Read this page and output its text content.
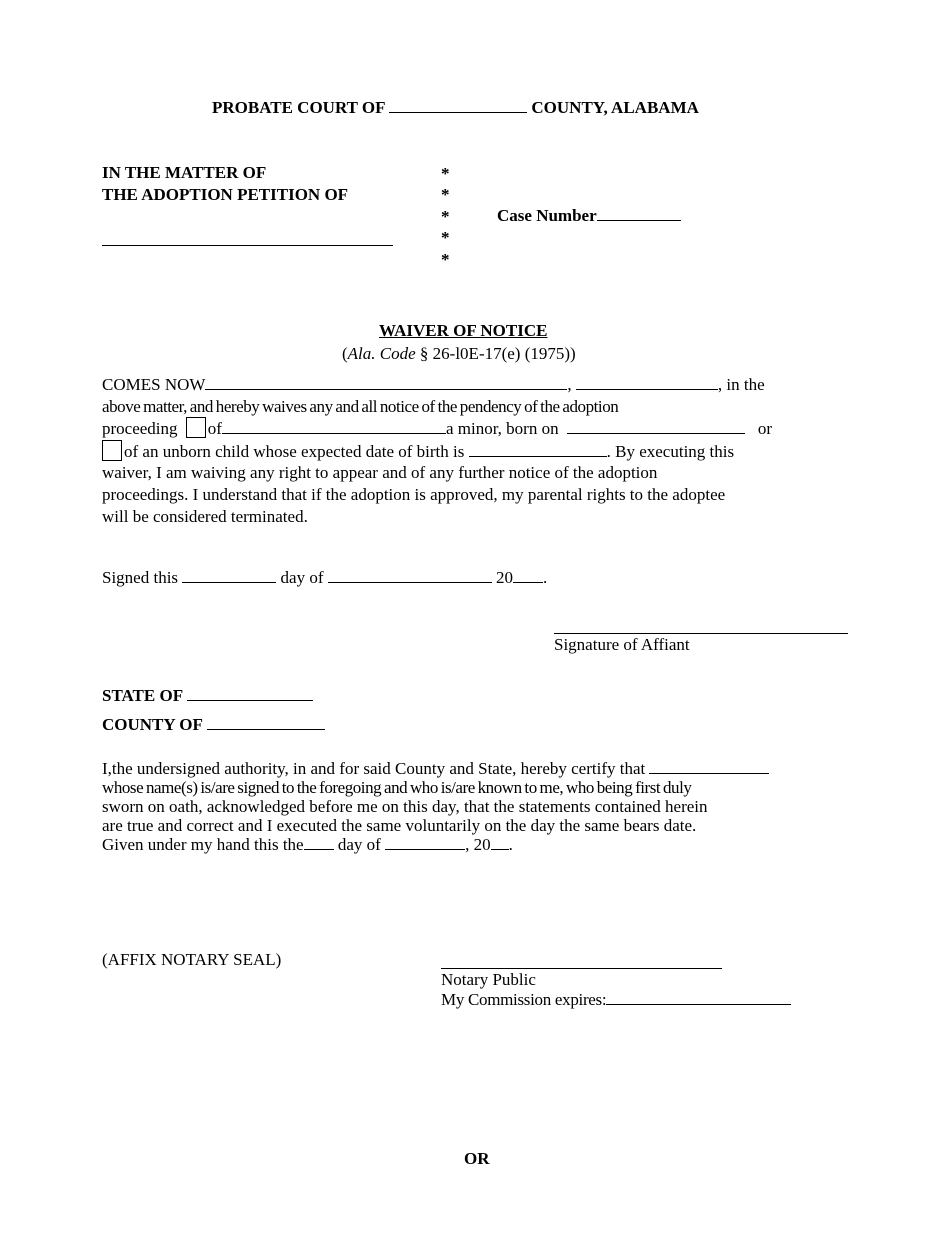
PROBATE COURT OF	COUNTY, ALABAMA
IN THE MATTER OF
THE ADOPTION PETITION OF
*
*
*
*
*
Case Number
WAIVER OF NOTICE
(Ala. Code § 26-l0E-17(e) (1975))
COMES NOW	,	, in the
above matter, and hereby waives any and all notice of the pendency of the adoption
proceeding of	a minor, born on	or
of an unborn child whose expected date of birth is	. By executing this
waiver, I am waiving any right to appear and of any further notice of the adoption
proceedings. I understand that if the adoption is approved, my parental rights to the adoptee
will be considered terminated.
Signed this	day of	20 .
Signature of Affiant
STATE OF
COUNTY OF
I,the undersigned authority, in and for said County and State, hereby certify that
whose name(s) is/are signed to the foregoing and who is/are known to me, who being first duly
sworn on oath, acknowledged before me on this day, that the statements contained herein
are true and correct and I executed the same voluntarily on the day the same bears date.
Given under my hand this the day of	, 20 .
(AFFIX NOTARY SEAL)
Notary Public
My Commission expires:
OR
